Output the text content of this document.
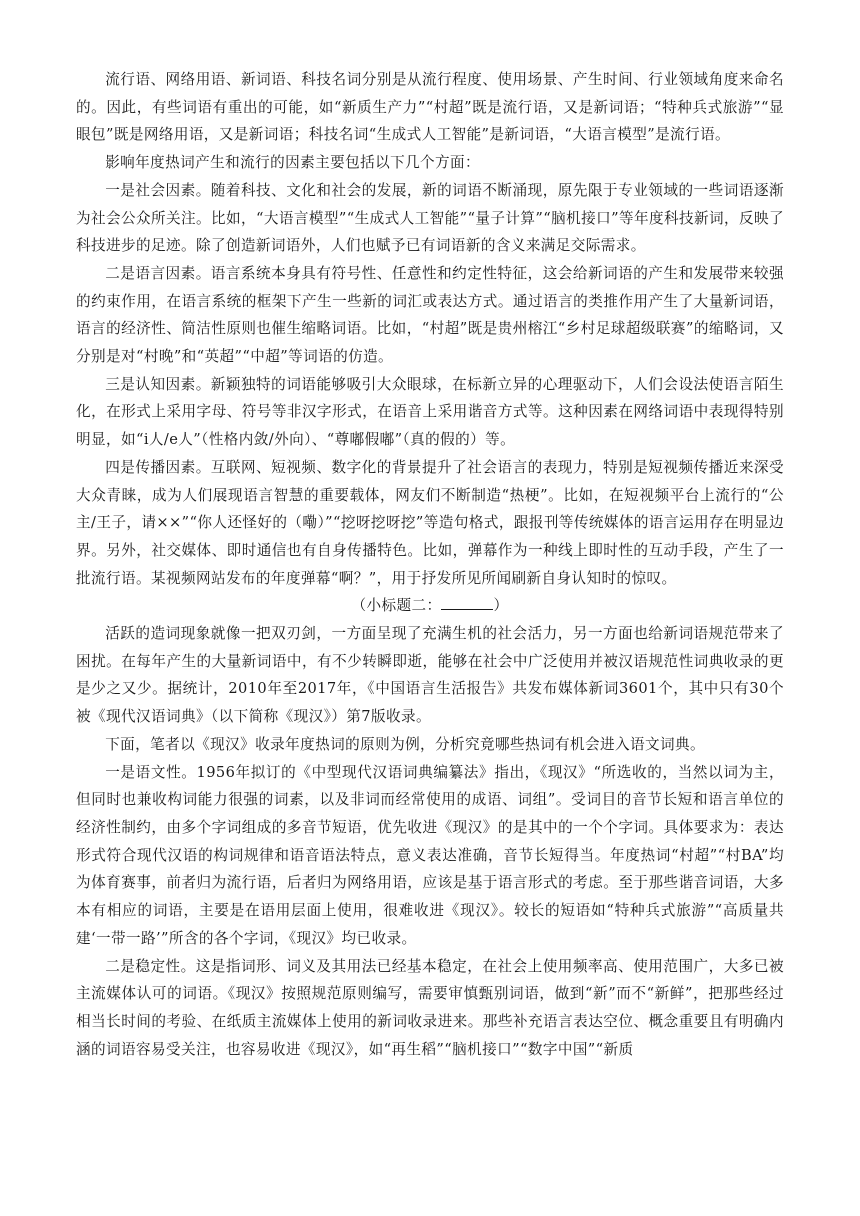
流行语、网络用语、新词语、科技名词分别是从流行程度、使用场景、产生时间、行业领域角度来命名的。因此，有些词语有重出的可能，如“新质生产力”“村超”既是流行语，又是新词语；“特种兵式旅游”“显眼包”既是网络用语，又是新词语；科技名词“生成式人工智能”是新词语，“大语言模型”是流行语。

影响年度热词产生和流行的因素主要包括以下几个方面：

一是社会因素。随着科技、文化和社会的发展，新的词语不断涌现，原先限于专业领域的一些词语逐渐为社会公众所关注。比如，“大语言模型”“生成式人工智能”“量子计算”“脑机接口”等年度科技新词，反映了科技进步的足迹。除了创造新词语外，人们也赋予已有词语新的含义来满足交际需求。

二是语言因素。语言系统本身具有符号性、任意性和约定性特征，这会给新词语的产生和发展带来较强的约束作用，在语言系统的框架下产生一些新的词汇或表达方式。通过语言的类推作用产生了大量新词语，语言的经济性、简洁性原则也催生缩略词语。比如，“村超”既是贵州榕江“乡村足球超级联赛”的缩略词，又分别是对“村晚”和“英超”“中超”等词语的仿造。

三是认知因素。新颖独特的词语能够吸引大众眼球，在标新立异的心理驱动下，人们会设法使语言陌生化，在形式上采用字母、符号等非汉字形式，在语音上采用谐音方式等。这种因素在网络词语中表现得特别明显，如“i人/e人”（性格内敛/外向）、“尊嘟假嘟”（真的假的）等。

四是传播因素。互联网、短视频、数字化的背景提升了社会语言的表现力，特别是短视频传播近来深受大众青睐，成为人们展现语言智慧的重要载体，网友们不断制造“热梗”。比如，在短视频平台上流行的“公主/王子，请××”“你人还怪好的（嘞）”“挖呀挖呀挖”等造句格式，跟报刊等传统媒体的语言运用存在明显边界。另外，社交媒体、即时通信也有自身传播特色。比如，弹幕作为一种线上即时性的互动手段，产生了一批流行语。某视频网站发布的年度弹幕“啊？”，用于抒发所见所闻刷新自身认知时的惊叹。

（小标题二：	）

活跃的造词现象就像一把双刃剑，一方面呈现了充满生机的社会活力，另一方面也给新词语规范带来了困扰。在每年产生的大量新词语中，有不少转瞬即逝，能够在社会中广泛使用并被汉语规范性词典收录的更是少之又少。据统计，2010年至2017年，《中国语言生活报告》共发布媒体新词3601个，其中只有30个被《现代汉语词典》（以下简称《现汉》）第7版收录。

下面，笔者以《现汉》收录年度热词的原则为例，分析究竟哪些热词有机会进入语文词典。

一是语文性。1956年拟订的《中型现代汉语词典编纂法》指出，《现汉》“所选收的，当然以词为主，但同时也兼收构词能力很强的词素，以及非词而经常使用的成语、词组”。受词目的音节长短和语言单位的经济性制约，由多个字词组成的多音节短语，优先收进《现汉》的是其中的一个个字词。具体要求为：表达形式符合现代汉语的构词规律和语音语法特点，意义表达准确，音节长短得当。年度热词“村超”“村BA”均为体育赛事，前者归为流行语，后者归为网络用语，应该是基于语言形式的考虑。至于那些谐音词语，大多本有相应的词语，主要是在语用层面上使用，很难收进《现汉》。较长的短语如“特种兵式旅游”“高质量共建‘一带一路’”所含的各个字词，《现汉》均已收录。

二是稳定性。这是指词形、词义及其用法已经基本稳定，在社会上使用频率高、使用范围广，大多已被主流媒体认可的词语。《现汉》按照规范原则编写，需要审慎甄别词语，做到“新”而不“新鲜”，把那些经过相当长时间的考验、在纸质主流媒体上使用的新词收录进来。那些补充语言表达空位、概念重要且有明确内涵的词语容易受关注，也容易收进《现汉》，如“再生稻”“脑机接口”“数字中国”“新质
